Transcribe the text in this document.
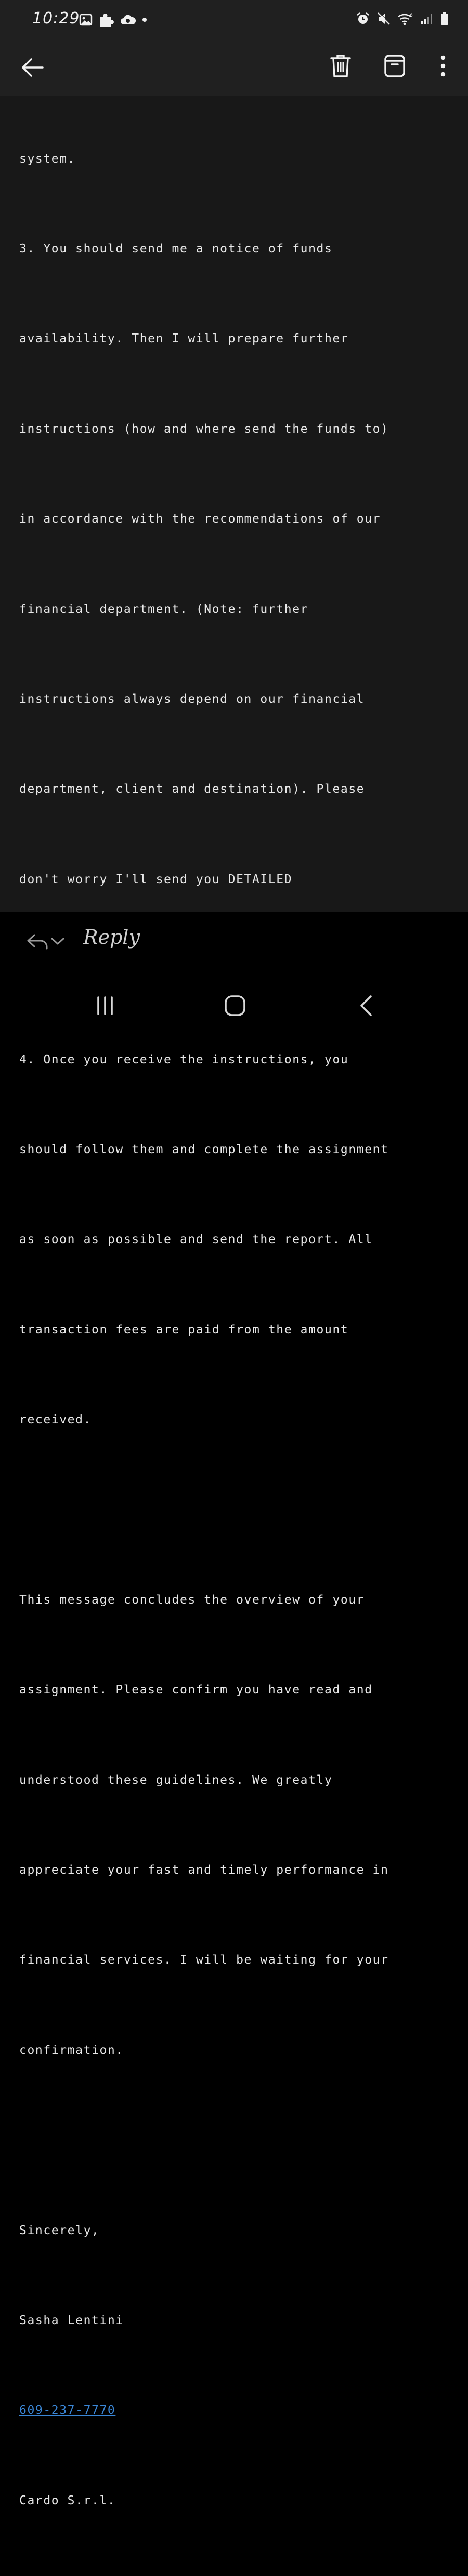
10:29	6

system.

3. You should send me a notice of funds

availability. Then I will prepare further

instructions (how and where send the funds to)

in accordance with the recommendations of our

financial department. (Note: further

instructions always depend on our financial

department, client and destination). Please

don't worry I'll send you DETAILED

4. Once you receive the instructions, you

should follow them and complete the assignment

as soon as possible and send the report. All

transaction fees are paid from the amount

received.

This message concludes the overview of your

assignment. Please confirm you have read and

understood these guidelines. We greatly

appreciate your fast and timely performance in

financial services. I will be waiting for your

confirmation.

Sincerely,

Sasha Lentini

609-237-7770

Cardo S.r.l.

Reply
